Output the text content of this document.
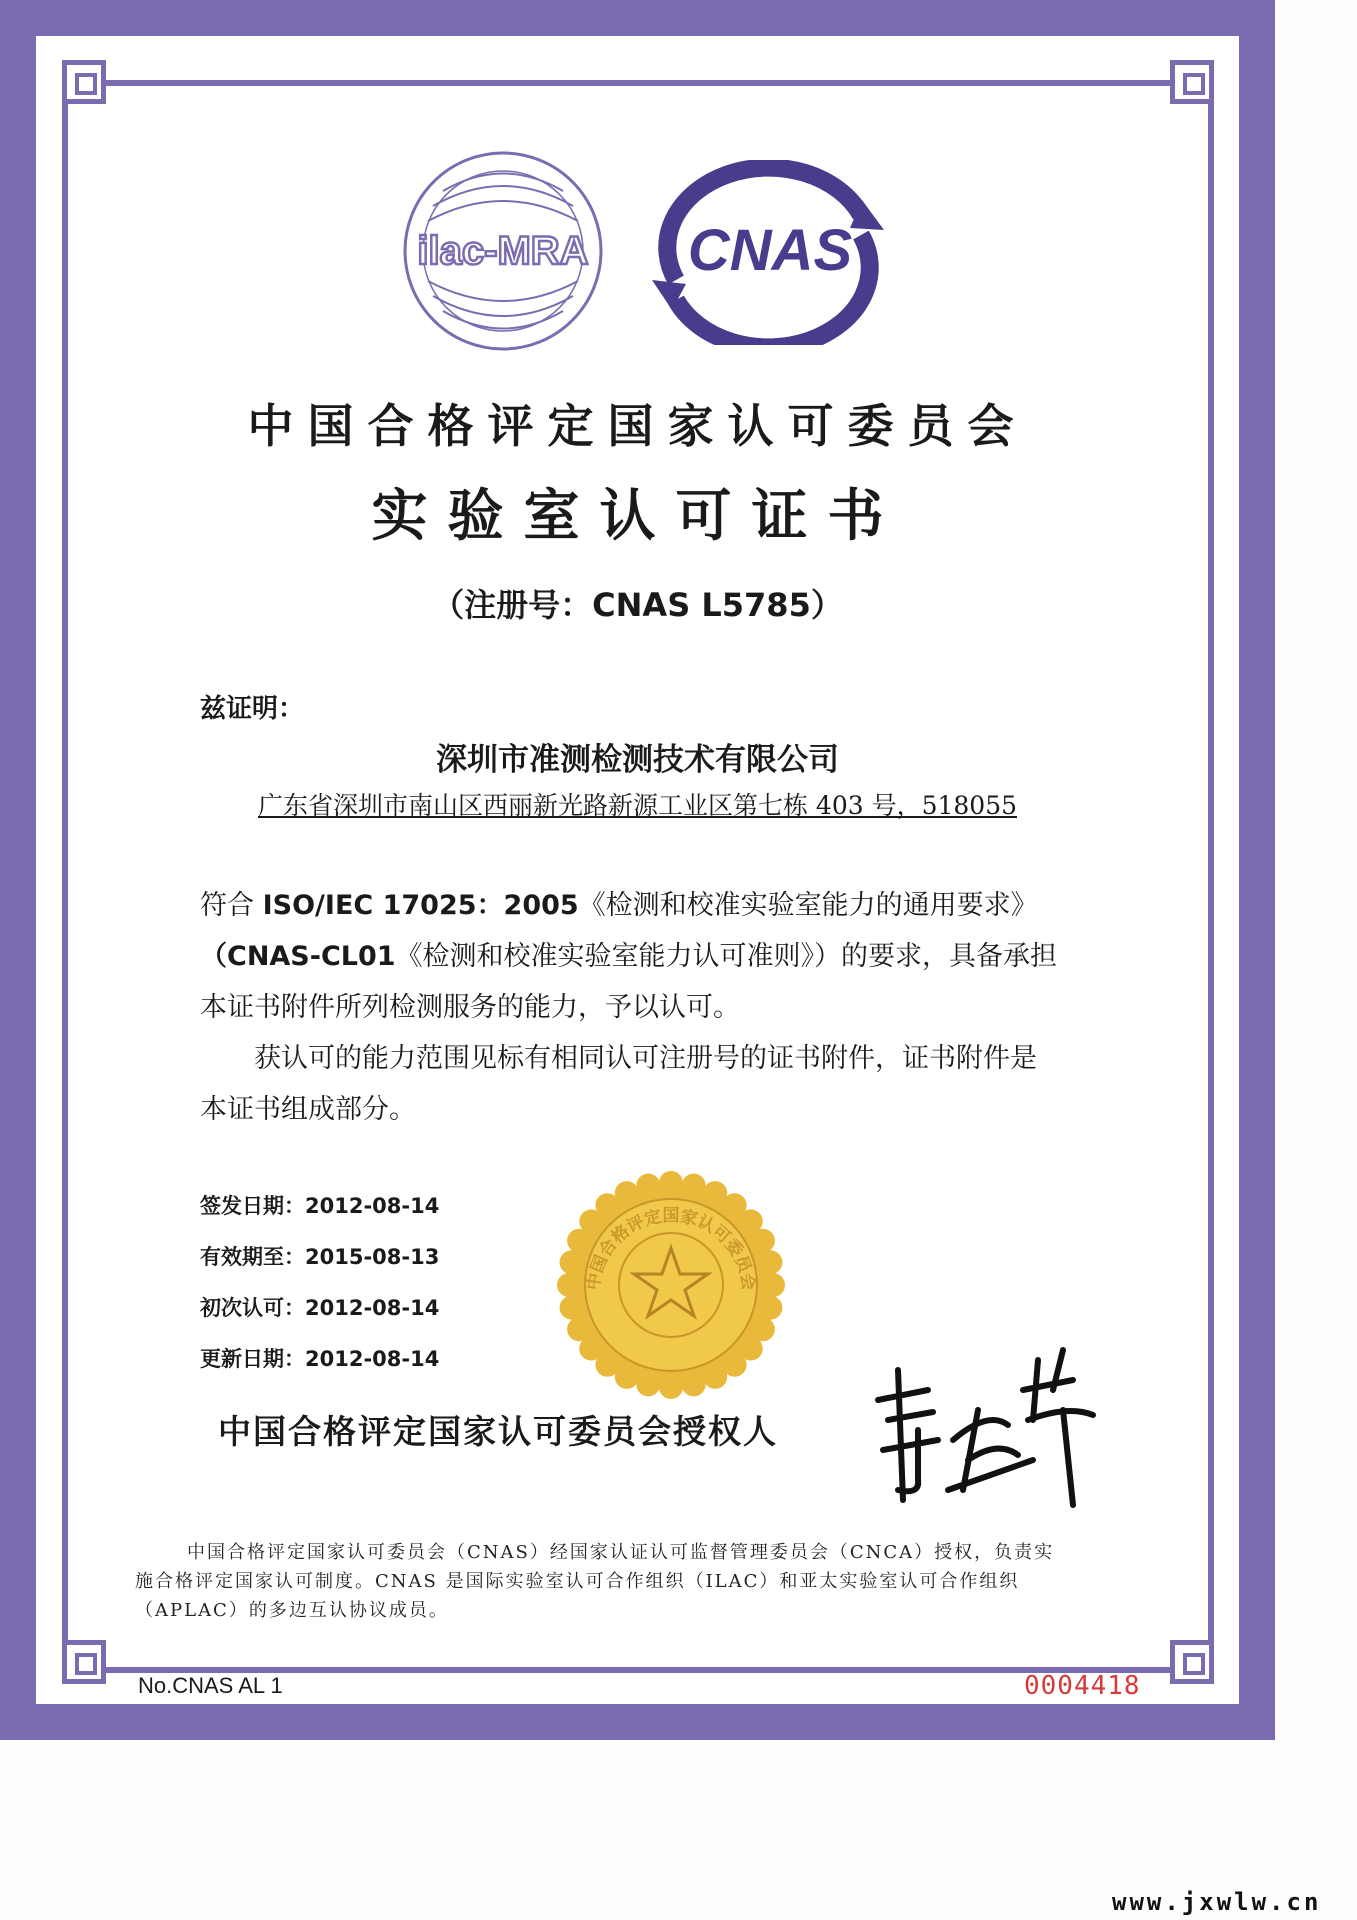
ilac-MRA CNAS
中国合格评定国家认可委员会
实验室认可证书
（注册号：CNAS L5785）
兹证明：
深圳市准测检测技术有限公司
广东省深圳市南山区西丽新光路新源工业区第七栋 403 号，518055

符合 ISO/IEC 17025：2005《检测和校准实验室能力的通用要求》

（CNAS-CL01《检测和校准实验室能力认可准则》）的要求，具备承担

本证书附件所列检测服务的能力，予以认可。

获认可的能力范围见标有相同认可注册号的证书附件，证书附件是

本证书组成部分。

签发日期：2012-08-14
有效期至：2015-08-13
初次认可：2012-08-14
更新日期：2012-08-14
中国合格评定国家认可委员会
中国合格评定国家认可委员会授权人

中国合格评定国家认可委员会（CNAS）经国家认证认可监督管理委员会（CNCA）授权，负责实

施合格评定国家认可制度。CNAS 是国际实验室认可合作组织（ILAC）和亚太实验室认可合作组织

（APLAC）的多边互认协议成员。

No.CNAS AL 1	0004418
www.jxwlw.cn
